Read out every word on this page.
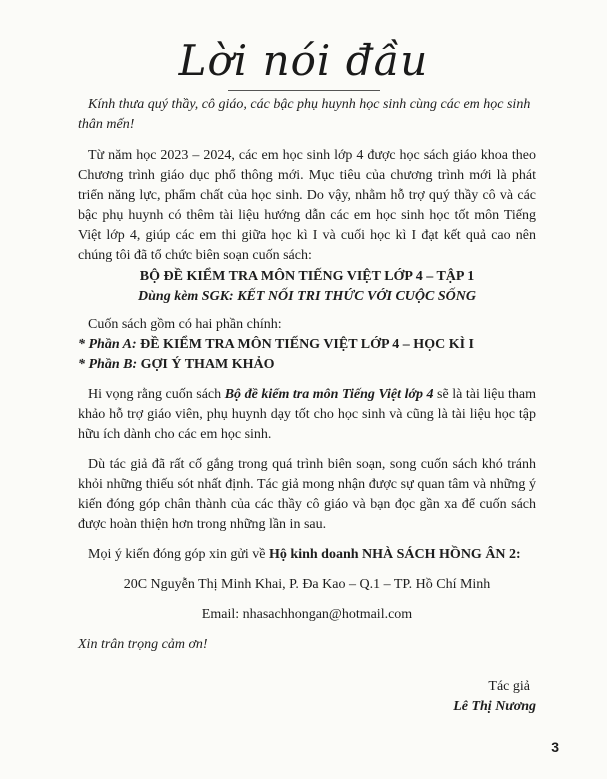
Lời nói đầu

Kính thưa quý thầy, cô giáo, các bậc phụ huynh học sinh cùng các em học sinh thân mến!

Từ năm học 2023 – 2024, các em học sinh lớp 4 được học sách giáo khoa theo Chương trình giáo dục phổ thông mới. Mục tiêu của chương trình mới là phát triển năng lực, phẩm chất của học sinh. Do vậy, nhằm hỗ trợ quý thầy cô và các bậc phụ huynh có thêm tài liệu hướng dẫn các em học sinh học tốt môn Tiếng Việt lớp 4, giúp các em thi giữa học kì I và cuối học kì I đạt kết quả cao nên chúng tôi đã tổ chức biên soạn cuốn sách:

BỘ ĐỀ KIỂM TRA MÔN TIẾNG VIỆT LỚP 4 – TẬP 1

Dùng kèm SGK: KẾT NỐI TRI THỨC VỚI CUỘC SỐNG

Cuốn sách gồm có hai phần chính:

* Phần A: ĐỀ KIỂM TRA MÔN TIẾNG VIỆT LỚP 4 – HỌC KÌ I

* Phần B: GỢI Ý THAM KHẢO

Hi vọng rằng cuốn sách Bộ đề kiểm tra môn Tiếng Việt lớp 4 sẽ là tài liệu tham khảo hỗ trợ giáo viên, phụ huynh dạy tốt cho học sinh và cũng là tài liệu học tập hữu ích dành cho các em học sinh.

Dù tác giả đã rất cố gắng trong quá trình biên soạn, song cuốn sách khó tránh khỏi những thiếu sót nhất định. Tác giả mong nhận được sự quan tâm và những ý kiến đóng góp chân thành của các thầy cô giáo và bạn đọc gần xa để cuốn sách được hoàn thiện hơn trong những lần in sau.

Mọi ý kiến đóng góp xin gửi về Hộ kinh doanh NHÀ SÁCH HỒNG ÂN 2:

20C Nguyễn Thị Minh Khai, P. Đa Kao – Q.1 – TP. Hồ Chí Minh

Email: nhasachhongan@hotmail.com

Xin trân trọng cảm ơn!

Tác giả

Lê Thị Nương

3
